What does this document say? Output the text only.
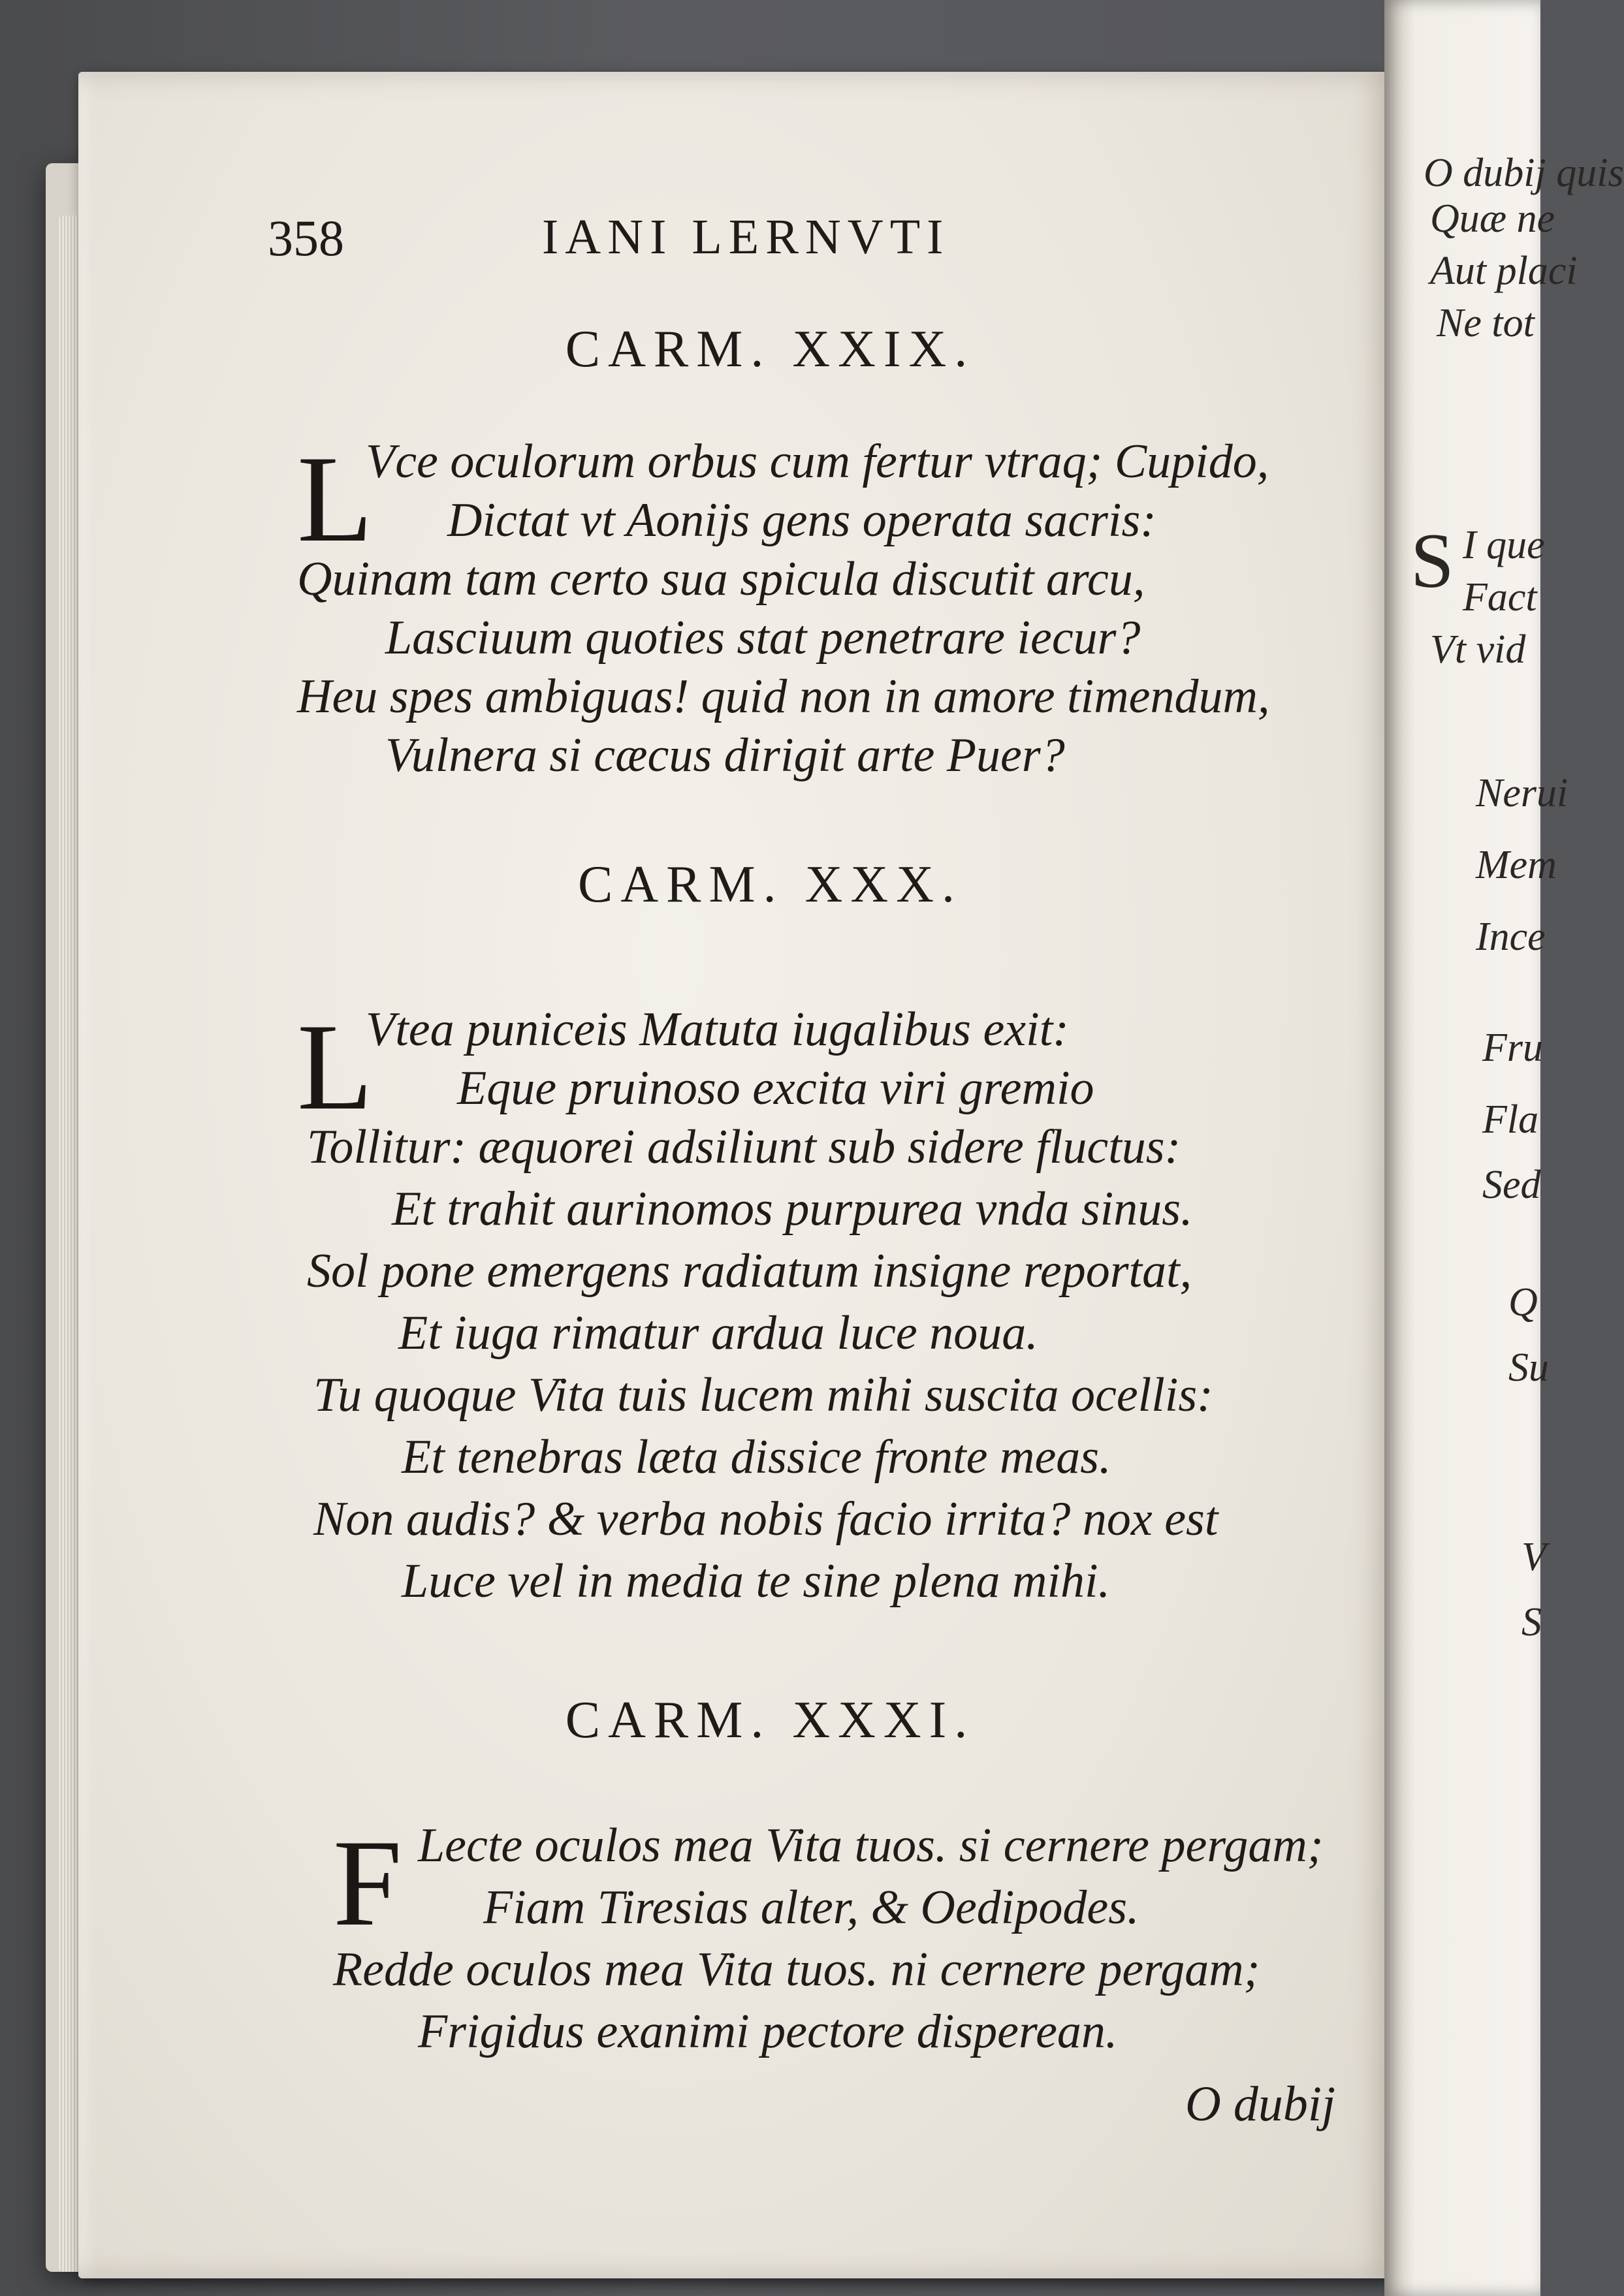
358	IANI LERNVTI
CARM. XXIX.
L
Vce oculorum orbus cum fertur vtraq; Cupido,
Dictat vt Aonijs gens operata sacris:
Quinam tam certo sua spicula discutit arcu,
Lasciuum quoties stat penetrare iecur?
Heu spes ambiguas! quid non in amore timendum,
Vulnera si cæcus dirigit arte Puer?
CARM. XXX.
L
Vtea puniceis Matuta iugalibus exit:
Eque pruinoso excita viri gremio
Tollitur: æquorei adsiliunt sub sidere fluctus:
Et trahit aurinomos purpurea vnda sinus.
Sol pone emergens radiatum insigne reportat,
Et iuga rimatur ardua luce noua.
Tu quoque Vita tuis lucem mihi suscita ocellis:
Et tenebras læta dissice fronte meas.
Non audis? & verba nobis facio irrita? nox est
Luce vel in media te sine plena mihi.
CARM. XXXI.
F Lecte oculos mea Vita tuos. si cernere pergam;
Fiam Tiresias alter, & Oedipodes.
Redde oculos mea Vita tuos. ni cernere pergam;
Frigidus exanimi pectore disperean.
O dubij
O dubij quis
Quæ ne
Aut placi
Ne tot
S I que
Fact
Vt vid
Nerui
Mem
Ince
Fru
Fla
Sed
Q
Su
V
S
